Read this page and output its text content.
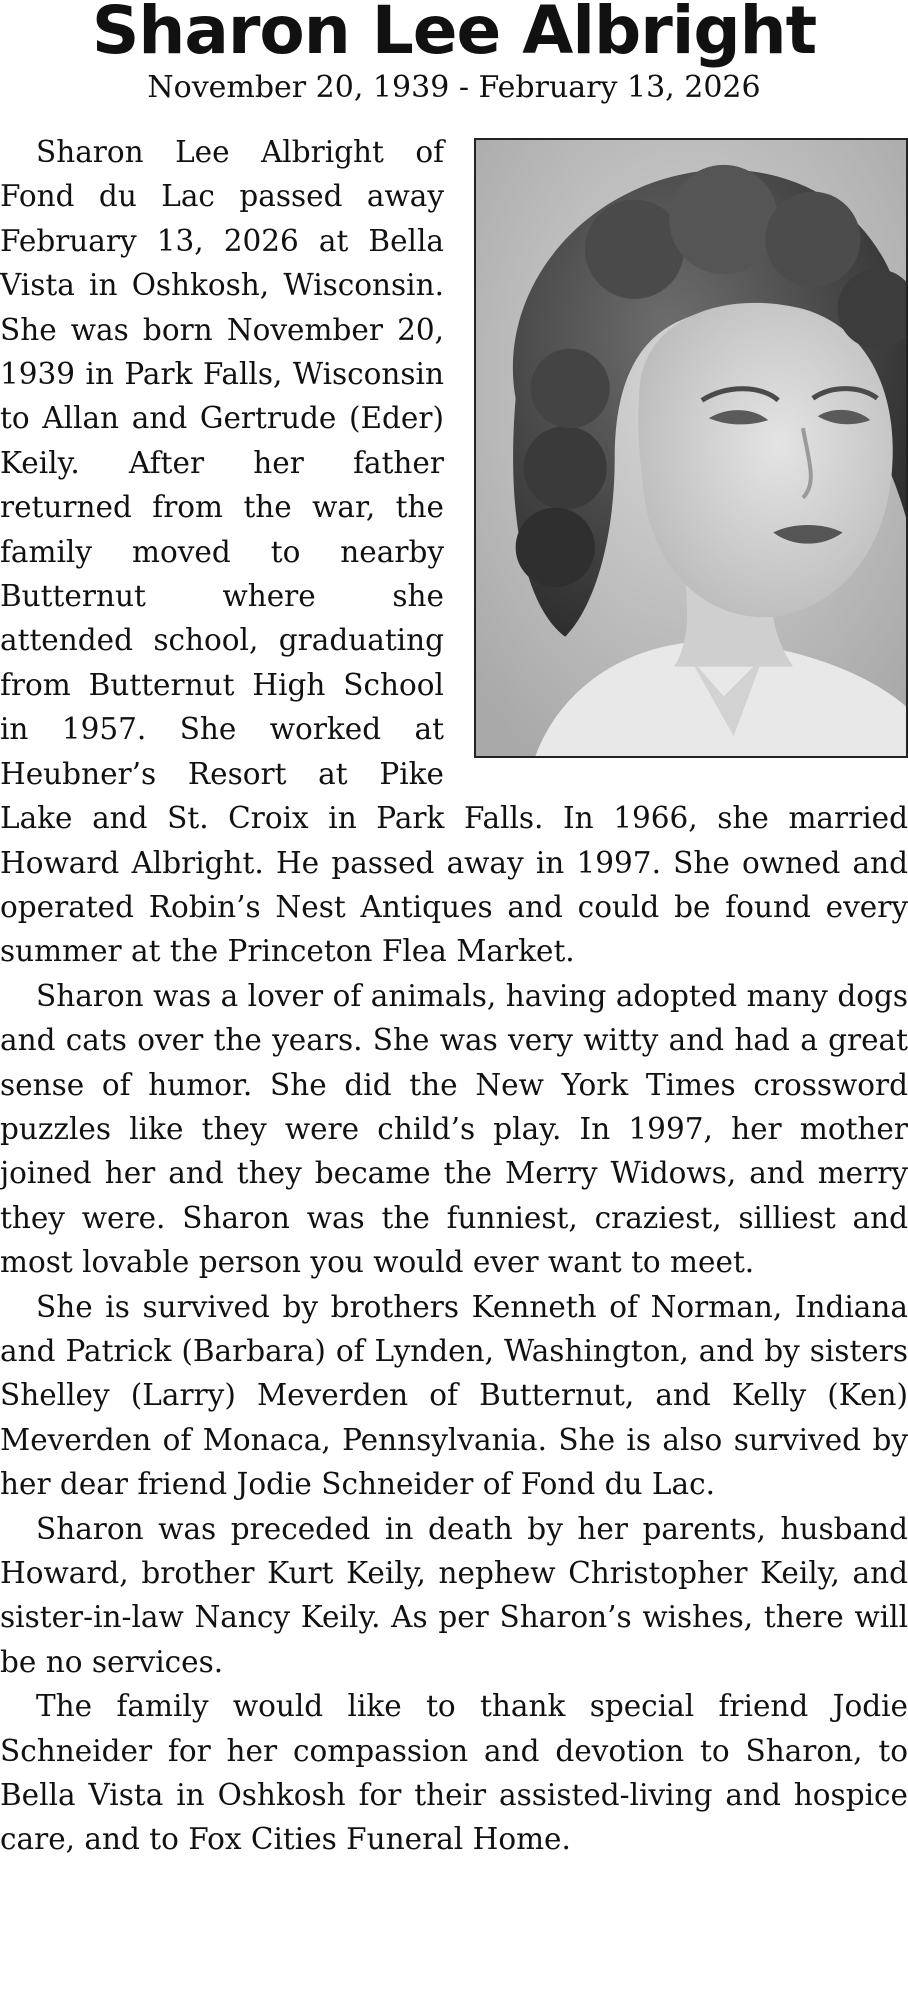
Sharon Lee Albright
November 20, 1939 - February 13, 2026

Sharon Lee Albright of Fond du Lac passed away February 13, 2026 at Bella Vista in Oshkosh, Wisconsin. She was born November 20, 1939 in Park Falls, Wisconsin to Allan and Gertrude (Eder) Keily. After her father returned from the war, the family moved to nearby Butternut where she attended school, graduating from Butternut High School in 1957. She worked at Heubner’s Resort at Pike Lake and St. Croix in Park Falls. In 1966, she married Howard Albright. He passed away in 1997. She owned and operated Robin’s Nest Antiques and could be found every summer at the Princeton Flea Market.

Sharon was a lover of animals, having adopted many dogs and cats over the years. She was very witty and had a great sense of humor. She did the New York Times crossword puzzles like they were child’s play. In 1997, her mother joined her and they became the Merry Widows, and merry they were. Sharon was the funniest, craziest, silliest and most lovable person you would ever want to meet.

She is survived by brothers Kenneth of Norman, Indiana and Patrick (Barbara) of Lynden, Washington, and by sisters Shelley (Larry) Meverden of Butternut, and Kelly (Ken) Meverden of Monaca, Pennsylvania. She is also survived by her dear friend Jodie Schneider of Fond du Lac.

Sharon was preceded in death by her parents, husband Howard, brother Kurt Keily, nephew Christopher Keily, and sister-in-law Nancy Keily. As per Sharon’s wishes, there will be no services.

The family would like to thank special friend Jodie Schneider for her compassion and devotion to Sharon, to Bella Vista in Oshkosh for their assisted-living and hospice care, and to Fox Cities Funeral Home.
